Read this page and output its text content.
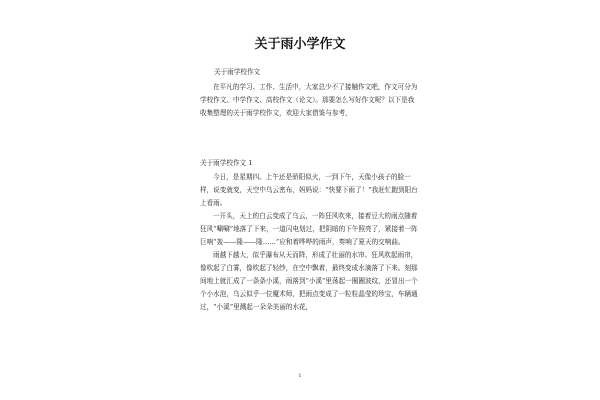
关于雨小学作文
关于雨学校作文

在平凡的学习、工作、生活中，大家总少不了接触作文吧，作文可分为学校作文、中学作文、高校作文（论文）。那要怎么写好作文呢？以下是我收集整理的关于雨学校作文，欢迎大家借鉴与参考，

关于雨学校作文 1

今日，是星期四。上午还是骄阳似火，一到下午，天像小孩子的脸一样，说变就变，天空中乌云密布，妈妈说：“快要下雨了！”我赶忙跑到阳台上看雨。

一开头，天上的白云变成了乌云，一阵狂风吹来，接着豆大的雨点随着狂风“唰唰”地落了下来，一道闪电划过，把阴暗的下午照亮了，紧接着一阵巨响“轰——隆——隆……”应和着哗哗的雨声，奏响了夏天的交响曲。

雨越下越大，似乎瀑布从天而降，形成了壮丽的水帘。狂风吹起雨帘，像吹起了白雾，像吹起了轻纱，在空中飘着，最终变成水滴落了下来。刻那间地上就汇成了一条条小溪，雨落到“小溪”里荡起一圈圈波纹，还冒出一个个小水泡，乌云似乎一位魔术师，把雨点变成了一粒粒晶莹的珍宝，车辆通过，“小溪”里溅起一朵朵美丽的水花，

1
